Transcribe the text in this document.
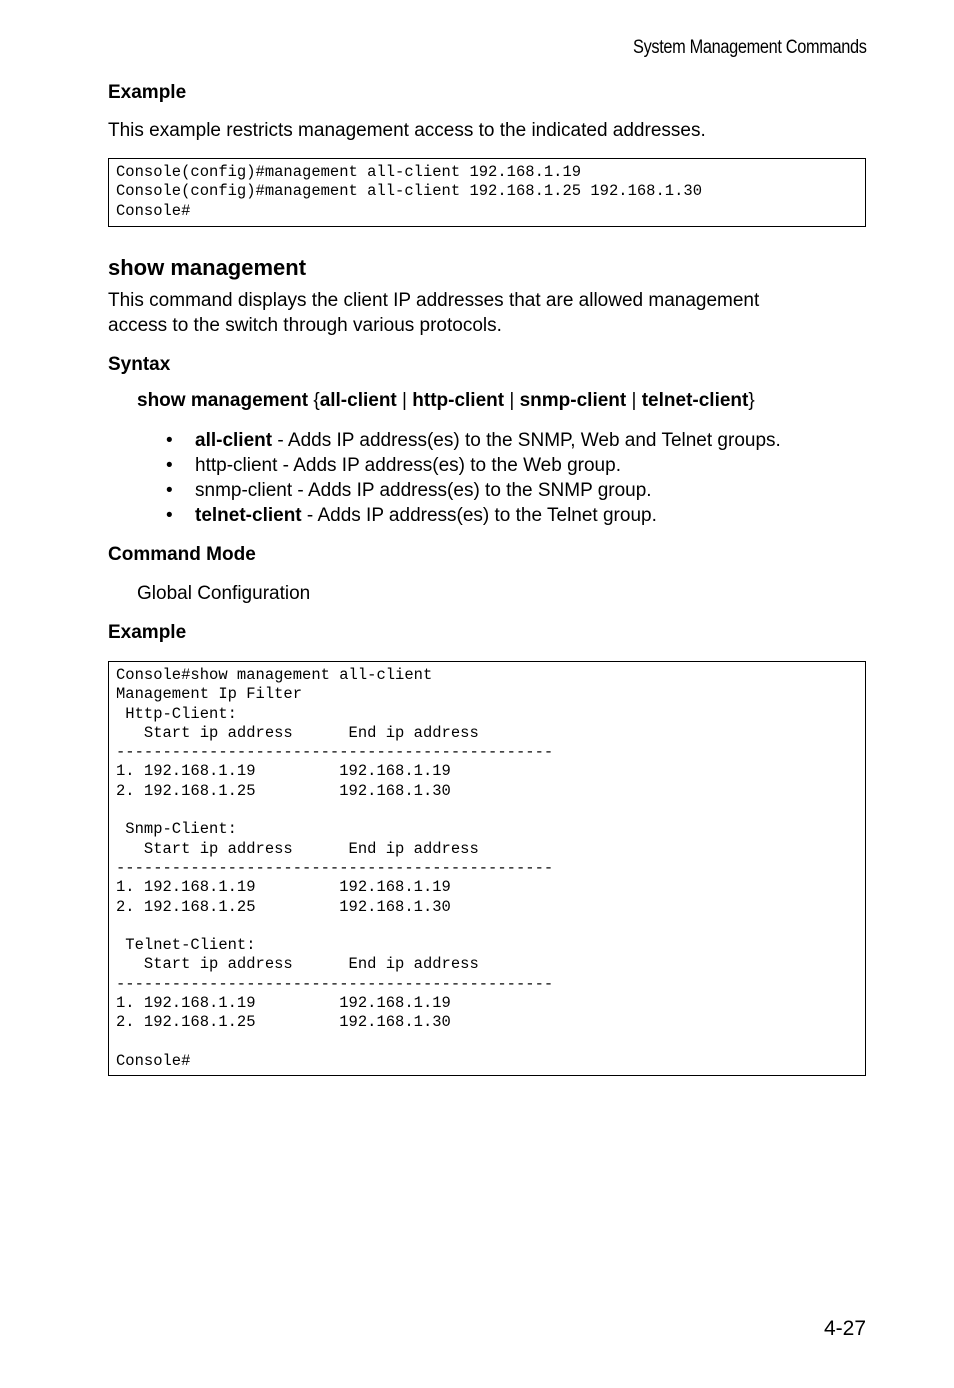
System Management Commands
Example
This example restricts management access to the indicated addresses.
Console(config)#management all-client 192.168.1.19
Console(config)#management all-client 192.168.1.25 192.168.1.30
Console#
show management
This command displays the client IP addresses that are allowed management
access to the switch through various protocols.
Syntax
show management {all-client | http-client | snmp-client | telnet-client}
• all-client - Adds IP address(es) to the SNMP, Web and Telnet groups.
• http-client - Adds IP address(es) to the Web group.
• snmp-client - Adds IP address(es) to the SNMP group.
• telnet-client - Adds IP address(es) to the Telnet group.
Command Mode
Global Configuration
Example
Console#show management all-client
Management Ip Filter
Http-Client:
Start ip address      End ip address
-----------------------------------------------
1. 192.168.1.19         192.168.1.19
2. 192.168.1.25         192.168.1.30
Snmp-Client:
Start ip address      End ip address
-----------------------------------------------
1. 192.168.1.19         192.168.1.19
2. 192.168.1.25         192.168.1.30
Telnet-Client:
Start ip address      End ip address
-----------------------------------------------
1. 192.168.1.19         192.168.1.19
2. 192.168.1.25         192.168.1.30
Console#
4-27
